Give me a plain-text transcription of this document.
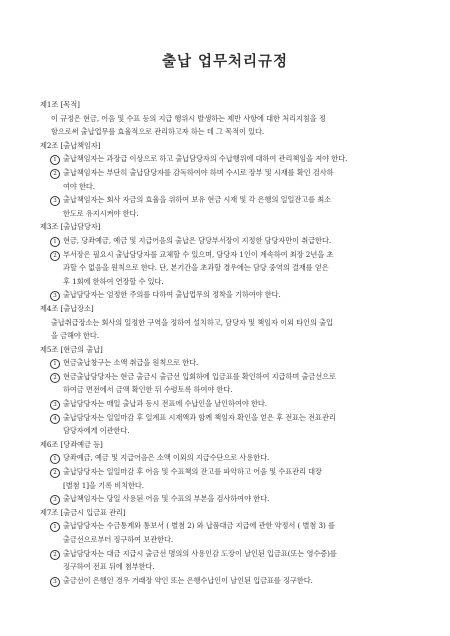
출납 업무처리규정
제1조 [목적]
이 규정은 현금, 어음 및 수표 등의 지급 행위시 발생하는 제반 사항에 대한 처리지침을 정
함으로써 출납업무를 효율적으로 관리하고자 하는 데 그 목적이 있다.
제2조 [출납책임자]
1 출납책임자는 과장급 이상으로 하고 출납담당자의 수납행위에 대하여 관리책임을 져야 한다.
2 출납책임자는 부단히 출납담당자를 감독하여야 하며 수시로 장부 및 시재를 확인 검사하
여야 한다.
3 출납책임자는 회사 자금의 효율을 위하여 보유 현금 시재 및 각 은행의 일일잔고를 최소
한도로 유지시켜야 한다.
제3조 [출납담당자]
1 현금, 당좌예금, 예금 및 지급어음의 출납은 담당부서장이 지정한 담당자만이 취급한다.
2 부서장은 필요시 출납담당자를 교체할 수 있으며, 담당자 1인이 계속하여 최장 2년을 초
과할 수 없음을 원칙으로 한다. 단, 본기간을 초과할 경우에는 담당 중역의 결재를 얻은
후 1회에 한하여 연장할 수 있다.
3 출납담당자는 엄정한 주의를 다하여 출납업무의 정착을 기하여야 한다.
제4조 [출납장소]
출납취급장소는 회사의 일정한 구역을 정하여 설치하고, 담당자 및 책임자 이외 타인의 출입
을 금해야 한다.
제5조 [현금의 출납]
1 현금출납창구는 소액 취급을 원칙으로 한다.
2 현금출납담당자는 현금 출금시 출금선 입회하에 입금표를 확인하여 지급하며 출금선으로
하여금 면전에서 금액 확인한 뒤 수령토록 하여야 한다.
3 출납담당자는 매일 출납과 동시 전표에 수납인을 날인하여야 한다.
4 출납담당자는 일일마감 후 일계표 시재액과 함께 책임자 확인을 얻은 후 전표는 전표관리
담당자에게 이관한다.
제6조 [당좌예금 등]
1 당좌예금, 예금 및 지급어음은 소액 이외의 지급수단으로 사용한다.
2 출납담당자는 일일마감 후 어음 및 수표책의 잔고를 파악하고 어음 및 수표관리 대장
[별첨 1]을 기록 비치한다.
3 출납책임자는 당일 사용된 어음 및 수표의 부본을 검사하여야 한다.
제7조 [출금시 입금표 관리]
1 출납담당자는 수금통계와 통보서 ( 별첨 2) 와 납품대금 지급에 관한 약정서 ( 별첨 3) 를
출금선으로부터 징구하여 보관한다.
2 출납담당자는 대금 지급시 출금선 명의의 사용인감 도장이 날인된 입금표(또는 영수증)를
징구하여 전표 뒤에 첨부한다.
3 출금선이 은행인 경우 거래장 약인 또는 은행수납인이 날인된 입금표를 징구한다.
